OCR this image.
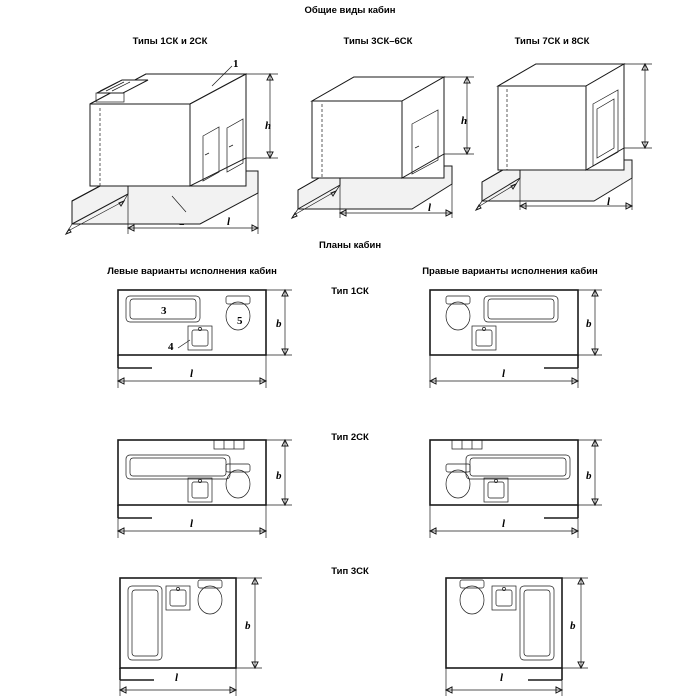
Общие виды кабин
Планы кабин
Типы 1СК и 2СК	Типы 3СК–6СК	Типы 7СК и 8СК
Левые варианты исполнения кабин	Правые варианты исполнения кабин
Тип 1СК
Тип 2СК
Тип 3СК
h
l
1
h
l	l
b
l
b
l
b
l
b
l
b
l
b
l
3
4
5
